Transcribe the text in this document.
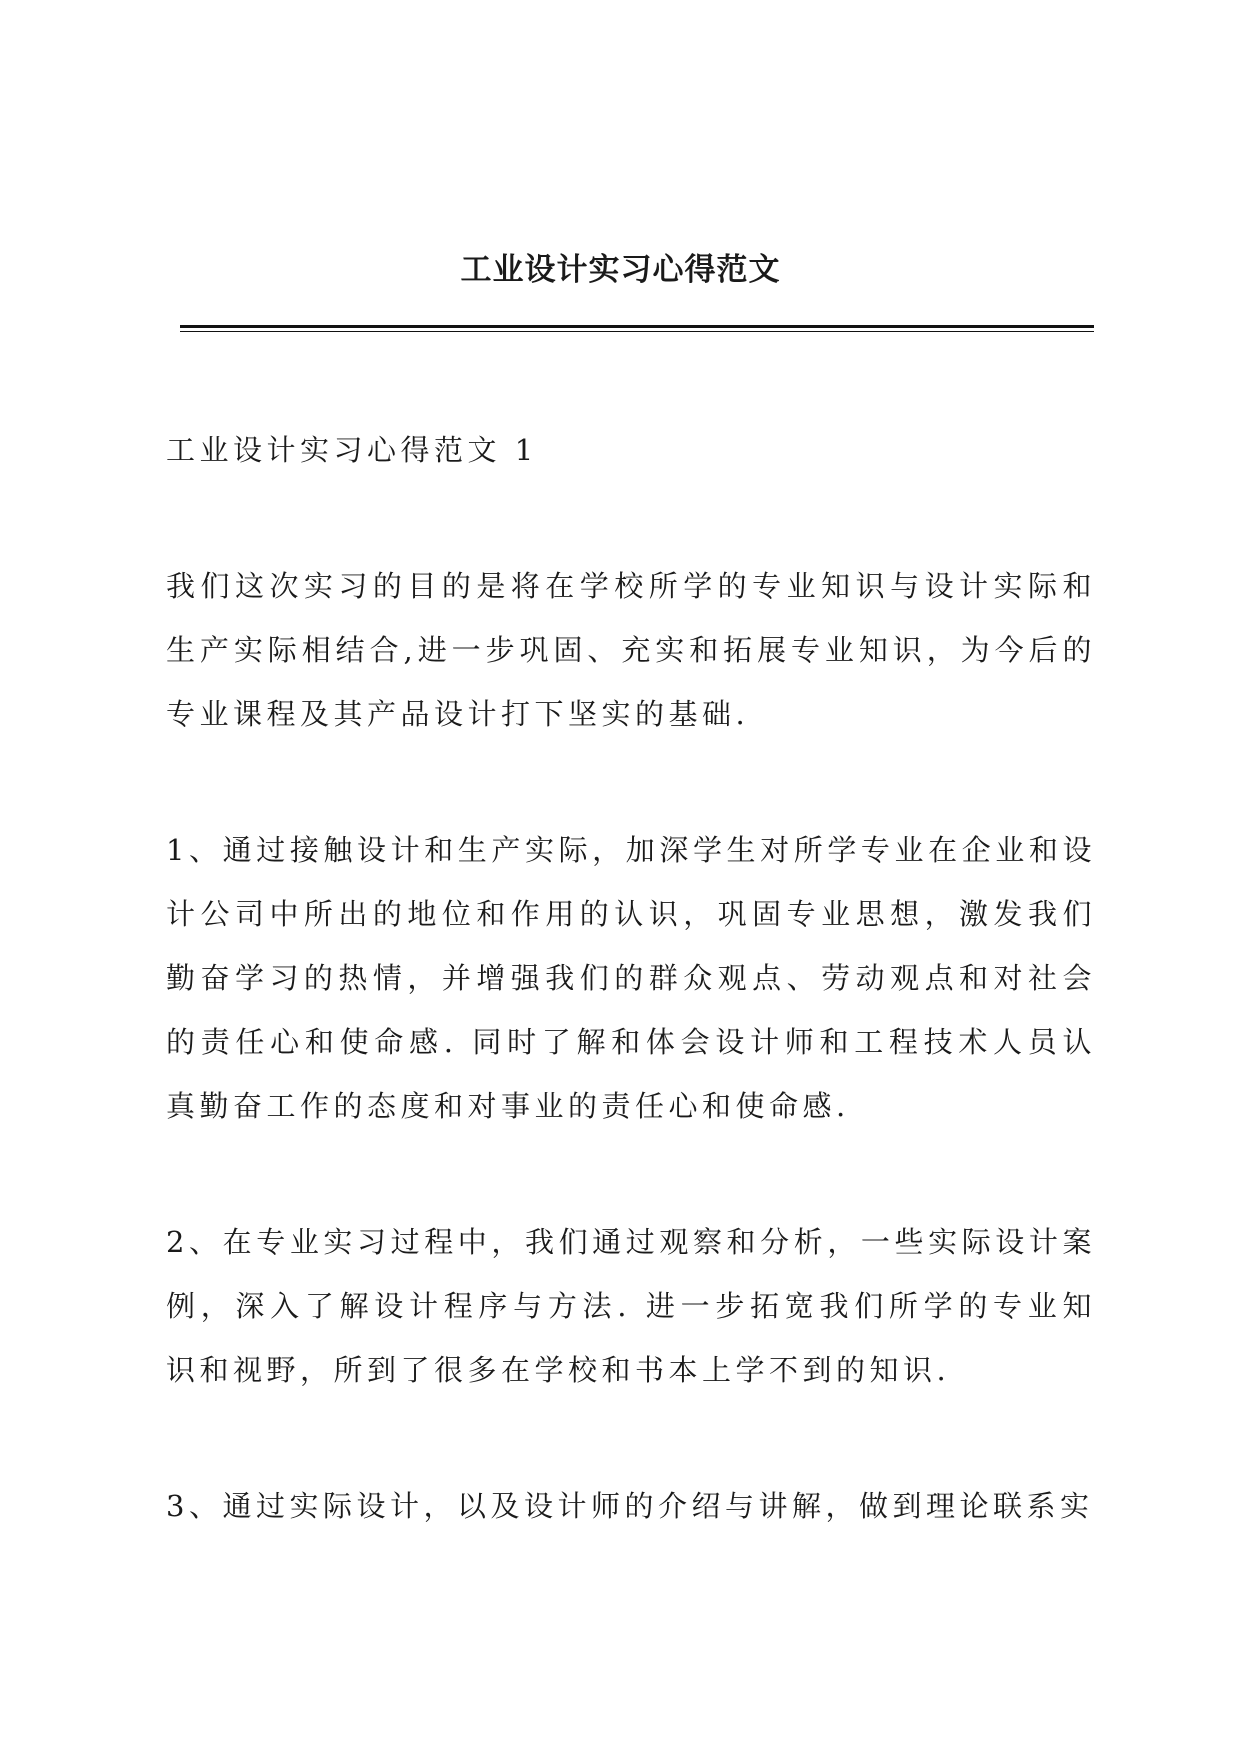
工业设计实习心得范文

工业设计实习心得范文 1

我们这次实习的目的是将在学校所学的专业知识与设计实际和生产实际相结合,进一步巩固、充实和拓展专业知识，为今后的专业课程及其产品设计打下坚实的基础.

1、通过接触设计和生产实际，加深学生对所学专业在企业和设计公司中所出的地位和作用的认识，巩固专业思想，激发我们勤奋学习的热情，并增强我们的群众观点、劳动观点和对社会的责任心和使命感. 同时了解和体会设计师和工程技术人员认真勤奋工作的态度和对事业的责任心和使命感.

2、在专业实习过程中，我们通过观察和分析，一些实际设计案例，深入了解设计程序与方法. 进一步拓宽我们所学的专业知识和视野，所到了很多在学校和书本上学不到的知识.

3、通过实际设计，以及设计师的介绍与讲解，做到理论联系实
